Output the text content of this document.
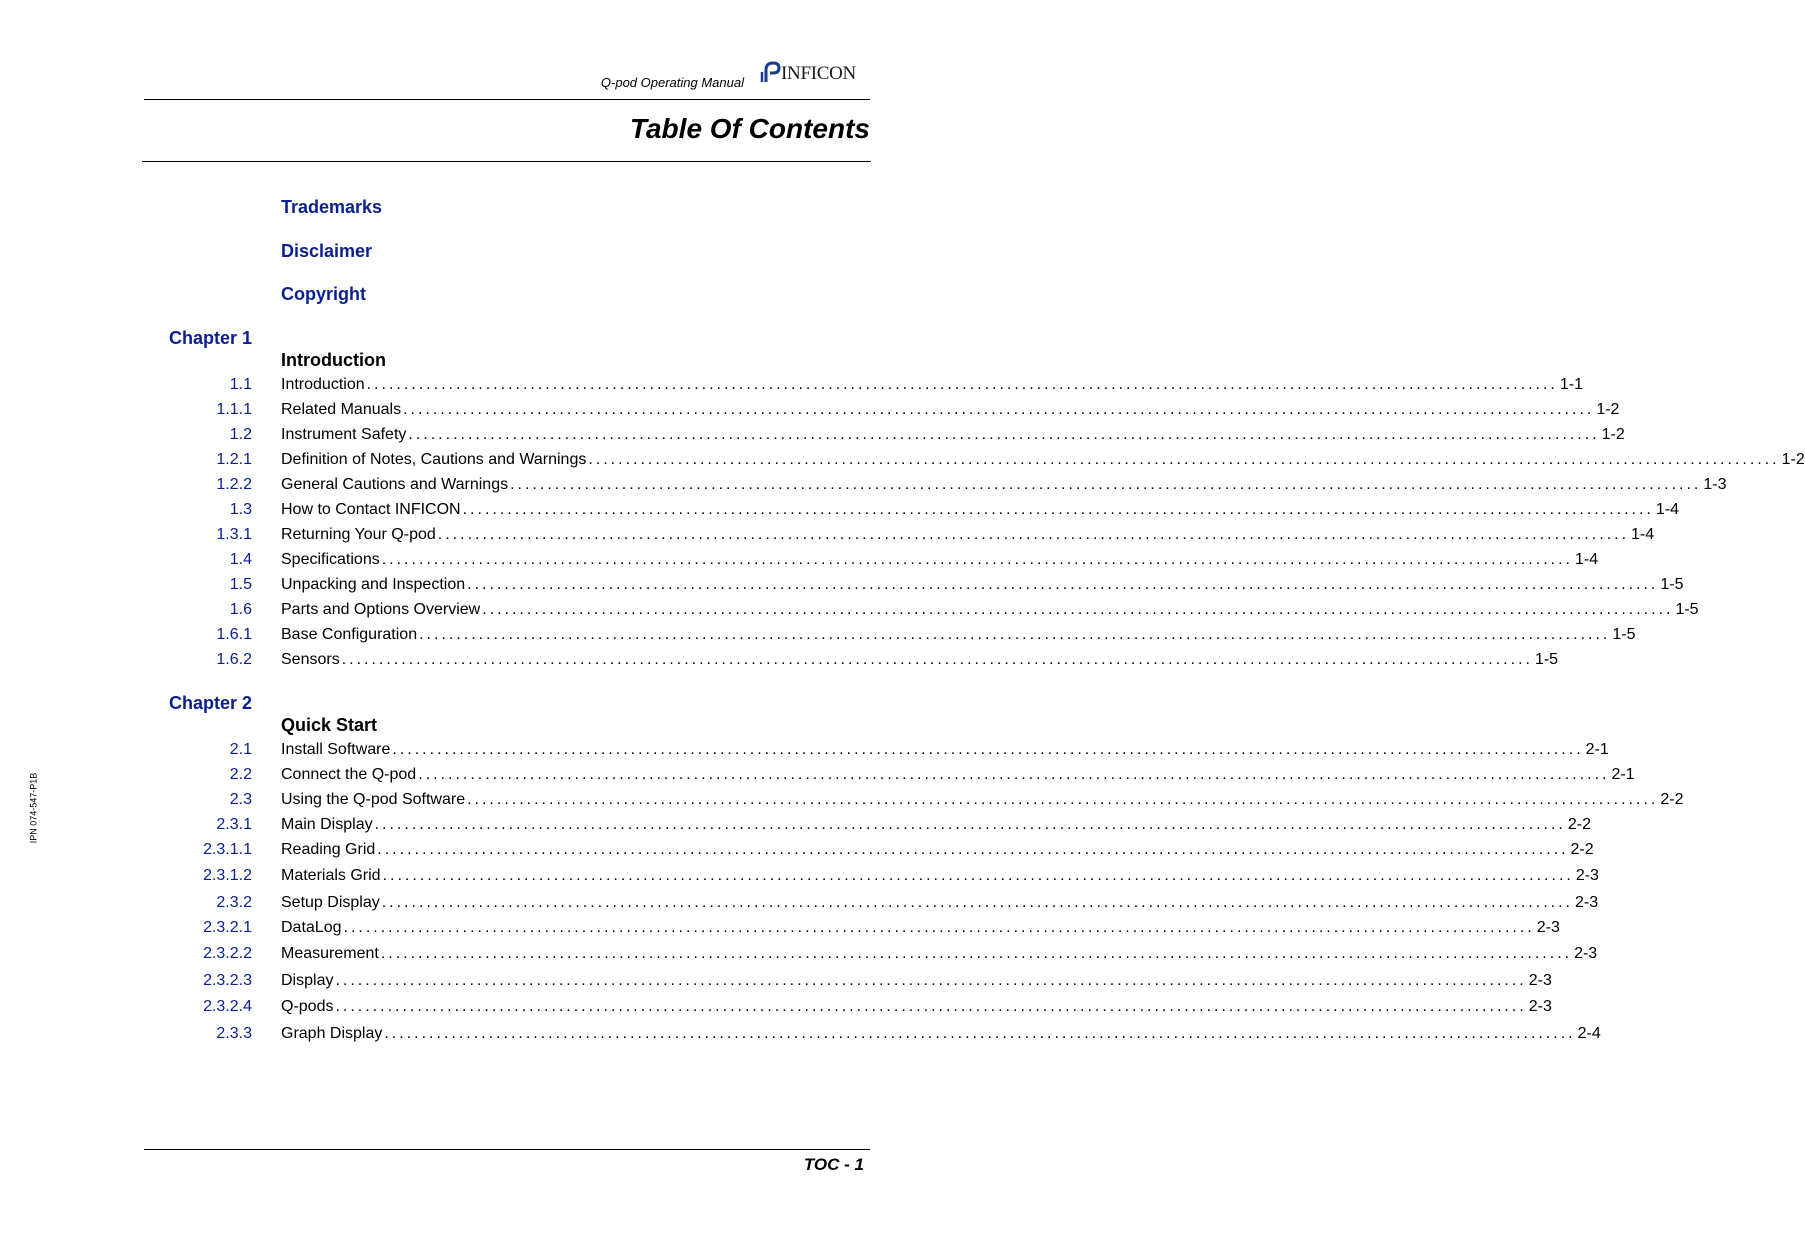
Q-pod Operating Manual INFICON
Table Of Contents
Trademarks
Disclaimer
Copyright
Chapter 1
Introduction
1.1 Introduction ................................................................................................................................................................ 1-1
1.1.1 Related Manuals ................................................................................................................................................................ 1-2
1.2 Instrument Safety ................................................................................................................................................................ 1-2
1.2.1 Definition of Notes, Cautions and Warnings ................................................................................................................................................................ 1-2
1.2.2 General Cautions and Warnings ................................................................................................................................................................ 1-3
1.3 How to Contact INFICON ................................................................................................................................................................ 1-4
1.3.1 Returning Your Q-pod ................................................................................................................................................................ 1-4
1.4 Specifications ................................................................................................................................................................ 1-4
1.5 Unpacking and Inspection ................................................................................................................................................................ 1-5
1.6 Parts and Options Overview ................................................................................................................................................................ 1-5
1.6.1 Base Configuration ................................................................................................................................................................ 1-5
1.6.2 Sensors ................................................................................................................................................................ 1-5
Chapter 2
Quick Start
2.1 Install Software ................................................................................................................................................................ 2-1
2.2 Connect the Q-pod ................................................................................................................................................................ 2-1
2.3 Using the Q-pod Software ................................................................................................................................................................ 2-2
2.3.1 Main Display ................................................................................................................................................................ 2-2
2.3.1.1 Reading Grid ................................................................................................................................................................ 2-2
2.3.1.2 Materials Grid ................................................................................................................................................................ 2-3
2.3.2 Setup Display ................................................................................................................................................................ 2-3
2.3.2.1 DataLog ................................................................................................................................................................ 2-3
2.3.2.2 Measurement ................................................................................................................................................................ 2-3
2.3.2.3 Display ................................................................................................................................................................ 2-3
2.3.2.4 Q-pods ................................................................................................................................................................ 2-3
2.3.3 Graph Display ................................................................................................................................................................ 2-4
IPN 074-547-P1B
TOC - 1
